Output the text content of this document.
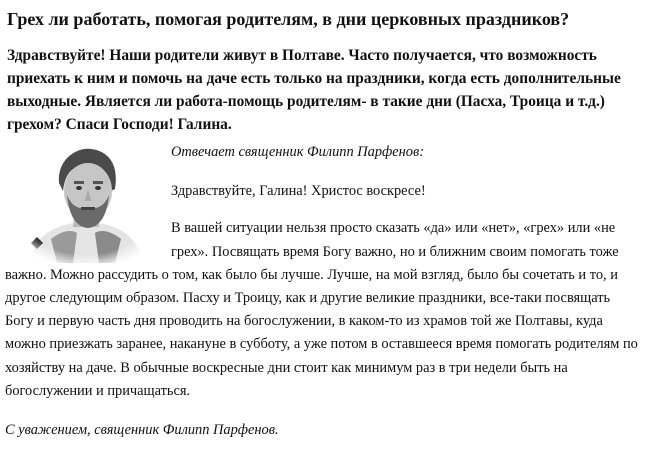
Грех ли работать, помогая родителям, в дни церковных праздников?

Здравствуйте! Наши родители живут в Полтаве. Часто получается, что возможность приехать к ним и помочь на даче есть только на праздники, когда есть дополнительные выходные. Является ли работа-помощь родителям- в такие дни (Пасха, Троица и т.д.) грехом? Спаси Господи! Галина.

Отвечает священник Филипп Парфенов:

Здравствуйте, Галина! Христос воскресе!

В вашей ситуации нельзя просто сказать «да» или «нет», «грех» или «не грех». Посвящать время Богу важно, но и ближним своим помогать тоже важно. Можно рассудить о том, как было бы лучше. Лучше, на мой взгляд, было бы сочетать и то, и другое следующим образом. Пасху и Троицу, как и другие великие праздники, все-таки посвящать Богу и первую часть дня проводить на богослужении, в каком-то из храмов той же Полтавы, куда можно приезжать заранее, накануне в субботу, а уже потом в оставшееся время помогать родителям по хозяйству на даче. В обычные воскресные дни стоит как минимум раз в три недели быть на богослужении и причащаться.

С уважением, священник Филипп Парфенов.
